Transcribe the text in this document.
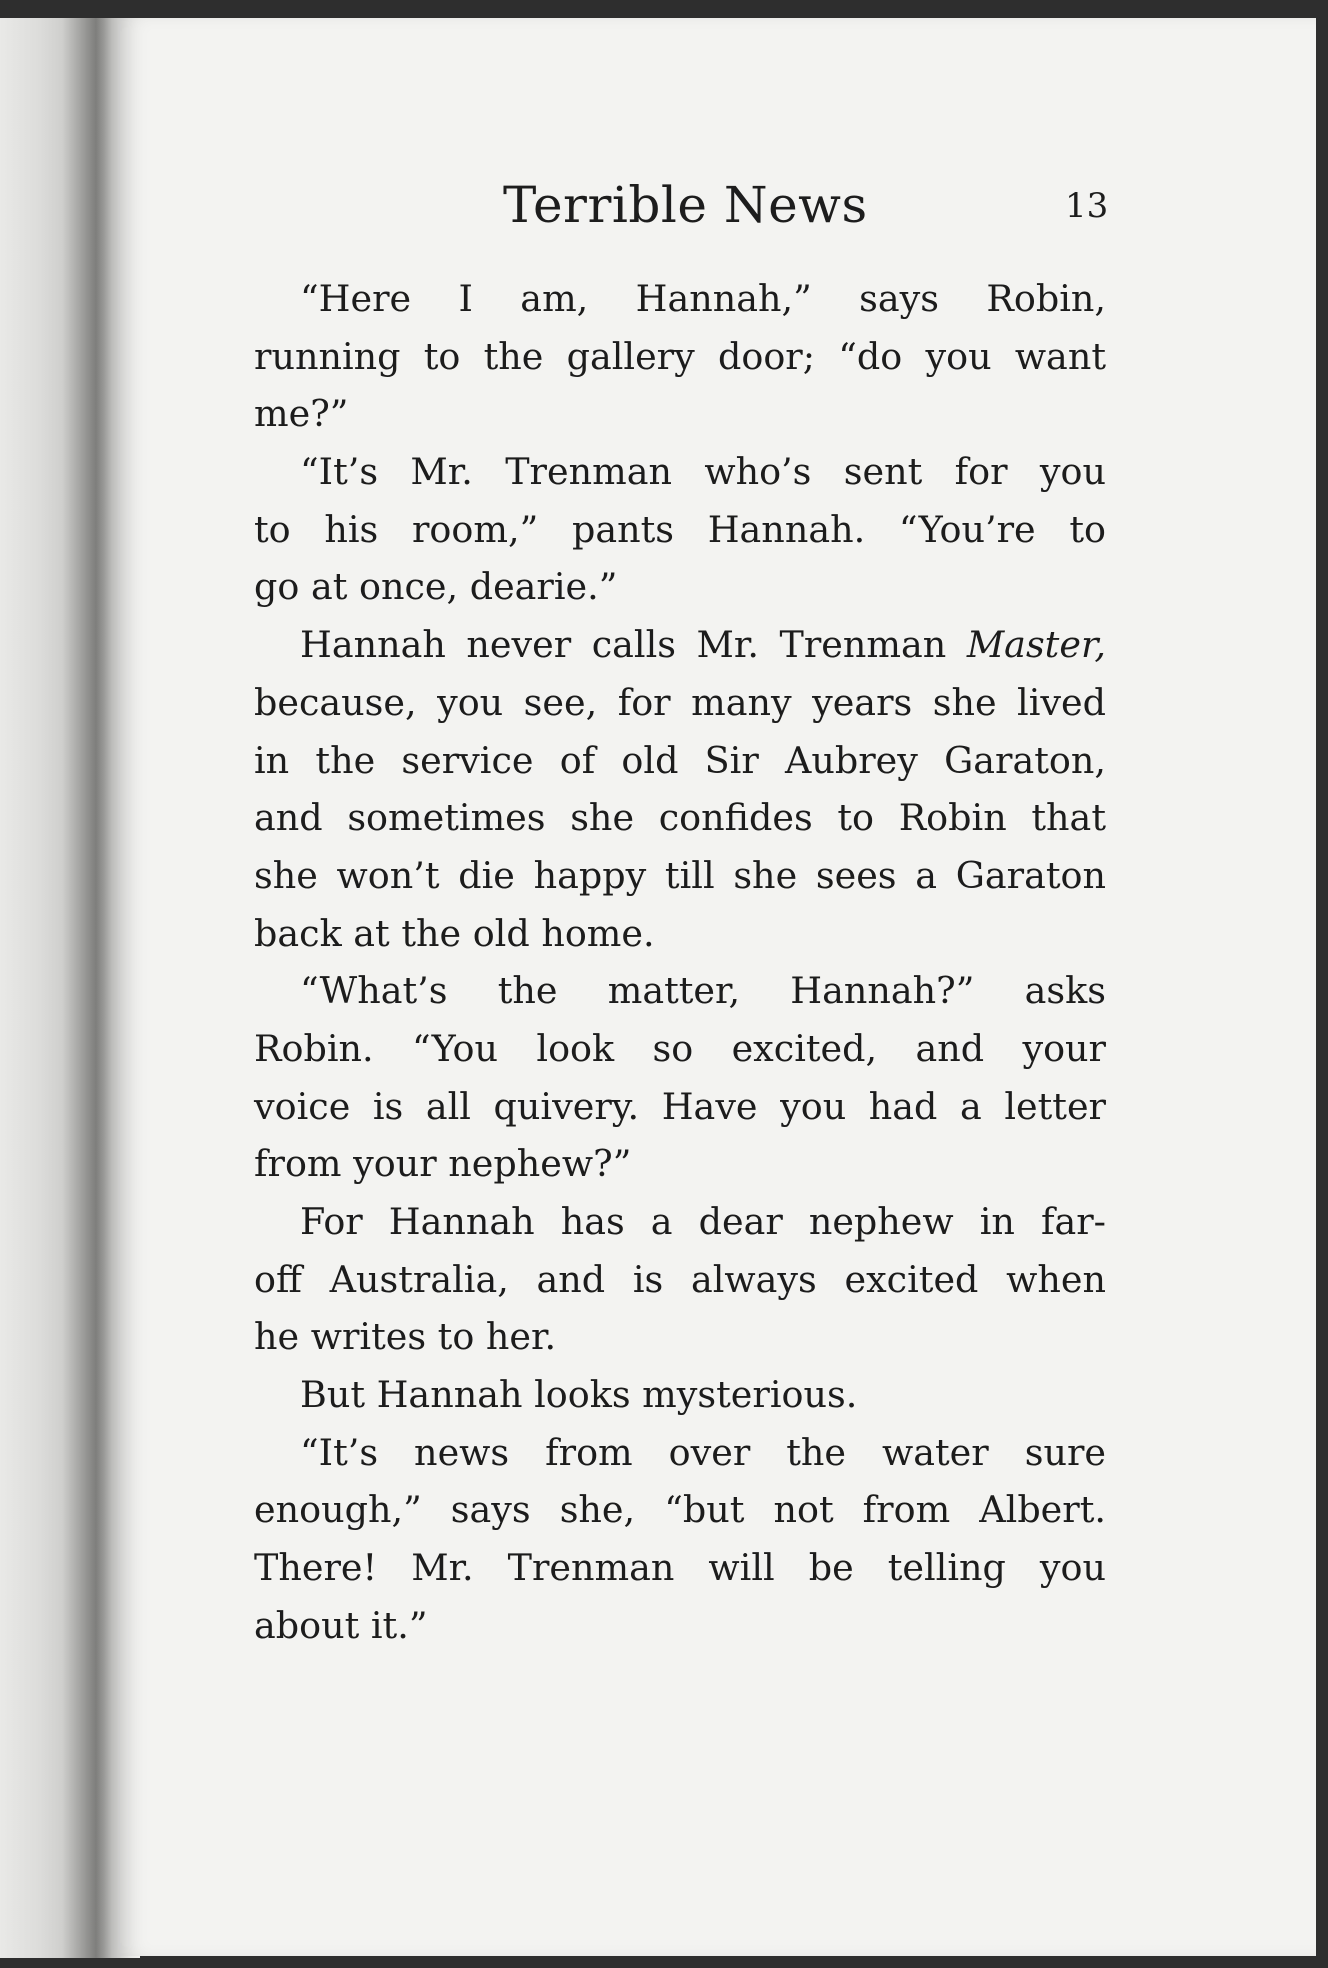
Terrible News	13
“Here I am, Hannah,” says Robin,
running to the gallery door; “do you want
me?”
“It’s Mr. Trenman who’s sent for you
to his room,” pants Hannah. “You’re to
go at once, dearie.”
Hannah never calls Mr. Trenman Master,
because, you see, for many years she lived
in the service of old Sir Aubrey Garaton,
and sometimes she confides to Robin that
she won’t die happy till she sees a Garaton
back at the old home.
“What’s the matter, Hannah?” asks
Robin. “You look so excited, and your
voice is all quivery. Have you had a letter
from your nephew?”
For Hannah has a dear nephew in far-
off Australia, and is always excited when
he writes to her.
But Hannah looks mysterious.
“It’s news from over the water sure
enough,” says she, “but not from Albert.
There! Mr. Trenman will be telling you
about it.”
